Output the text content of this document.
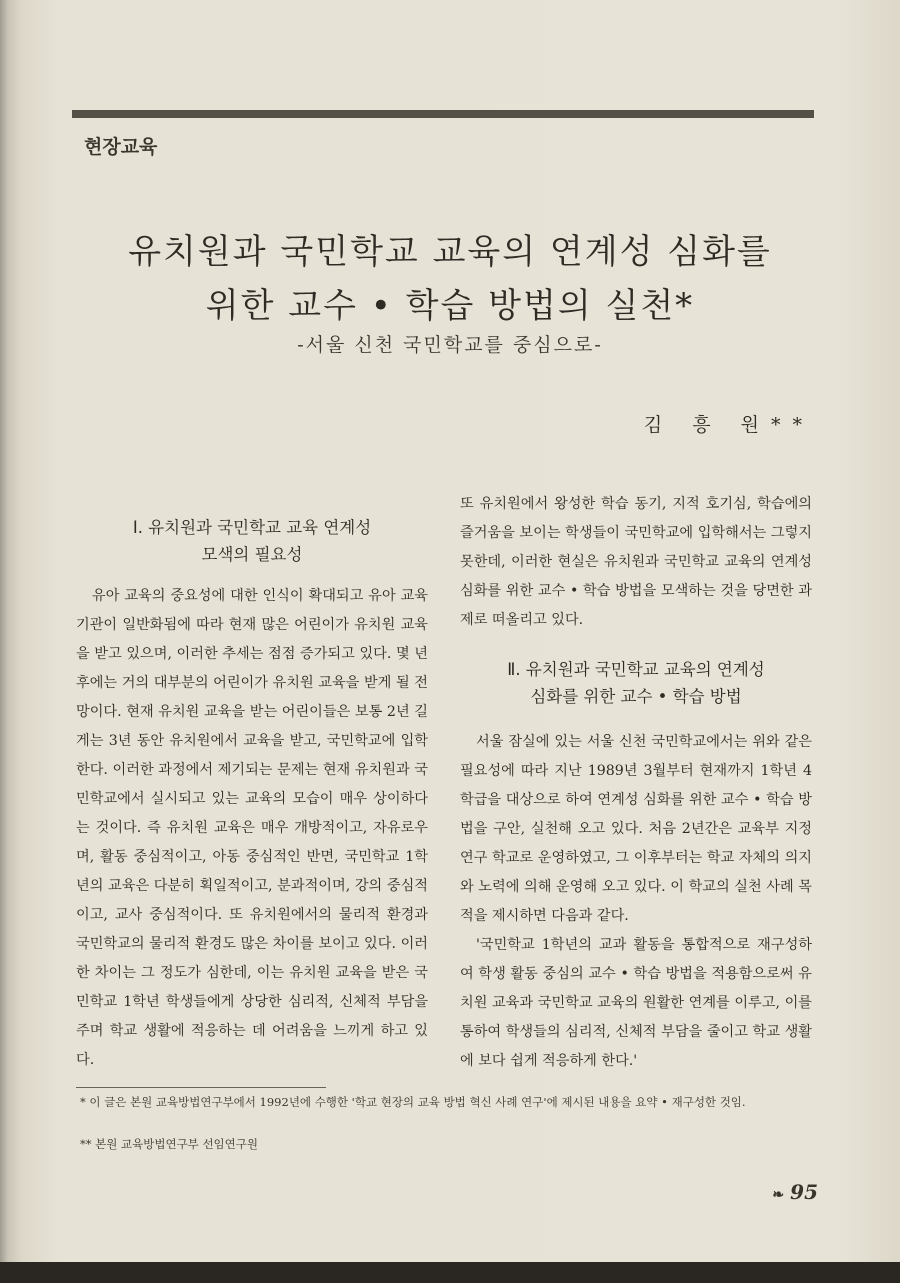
현장교육
유치원과 국민학교 교육의 연계성 심화를
위한 교수 • 학습 방법의 실천*
-서울 신천 국민학교를 중심으로-
김 흥 원**
Ⅰ. 유치원과 국민학교 교육 연계성
모색의 필요성

유아 교육의 중요성에 대한 인식이 확대되고 유아 교육 기관이 일반화됨에 따라 현재 많은 어린이가 유치원 교육을 받고 있으며, 이러한 추세는 점점 증가되고 있다. 몇 년 후에는 거의 대부분의 어린이가 유치원 교육을 받게 될 전망이다. 현재 유치원 교육을 받는 어린이들은 보통 2년 길게는 3년 동안 유치원에서 교육을 받고, 국민학교에 입학한다. 이러한 과정에서 제기되는 문제는 현재 유치원과 국민학교에서 실시되고 있는 교육의 모습이 매우 상이하다는 것이다. 즉 유치원 교육은 매우 개방적이고, 자유로우며, 활동 중심적이고, 아동 중심적인 반면, 국민학교 1학년의 교육은 다분히 획일적이고, 분과적이며, 강의 중심적이고, 교사 중심적이다. 또 유치원에서의 물리적 환경과 국민학교의 물리적 환경도 많은 차이를 보이고 있다. 이러한 차이는 그 정도가 심한데, 이는 유치원 교육을 받은 국민학교 1학년 학생들에게 상당한 심리적, 신체적 부담을 주며 학교 생활에 적응하는 데 어려움을 느끼게 하고 있다.

또 유치원에서 왕성한 학습 동기, 지적 호기심, 학습에의 즐거움을 보이는 학생들이 국민학교에 입학해서는 그렇지 못한데, 이러한 현실은 유치원과 국민학교 교육의 연계성 심화를 위한 교수 • 학습 방법을 모색하는 것을 당면한 과제로 떠올리고 있다.

Ⅱ. 유치원과 국민학교 교육의 연계성
심화를 위한 교수 • 학습 방법

서울 잠실에 있는 서울 신천 국민학교에서는 위와 같은 필요성에 따라 지난 1989년 3월부터 현재까지 1학년 4학급을 대상으로 하여 연계성 심화를 위한 교수 • 학습 방법을 구안, 실천해 오고 있다. 처음 2년간은 교육부 지정 연구 학교로 운영하였고, 그 이후부터는 학교 자체의 의지와 노력에 의해 운영해 오고 있다. 이 학교의 실천 사례 목적을 제시하면 다음과 같다.

'국민학교 1학년의 교과 활동을 통합적으로 재구성하여 학생 활동 중심의 교수 • 학습 방법을 적용함으로써 유치원 교육과 국민학교 교육의 원활한 연계를 이루고, 이를 통하여 학생들의 심리적, 신체적 부담을 줄이고 학교 생활에 보다 쉽게 적응하게 한다.'

* 이 글은 본원 교육방법연구부에서 1992년에 수행한 '학교 현장의 교육 방법 혁신 사례 연구'에 제시된 내용을 요약 • 재구성한 것임.
** 본원 교육방법연구부 선임연구원
❧ 95
